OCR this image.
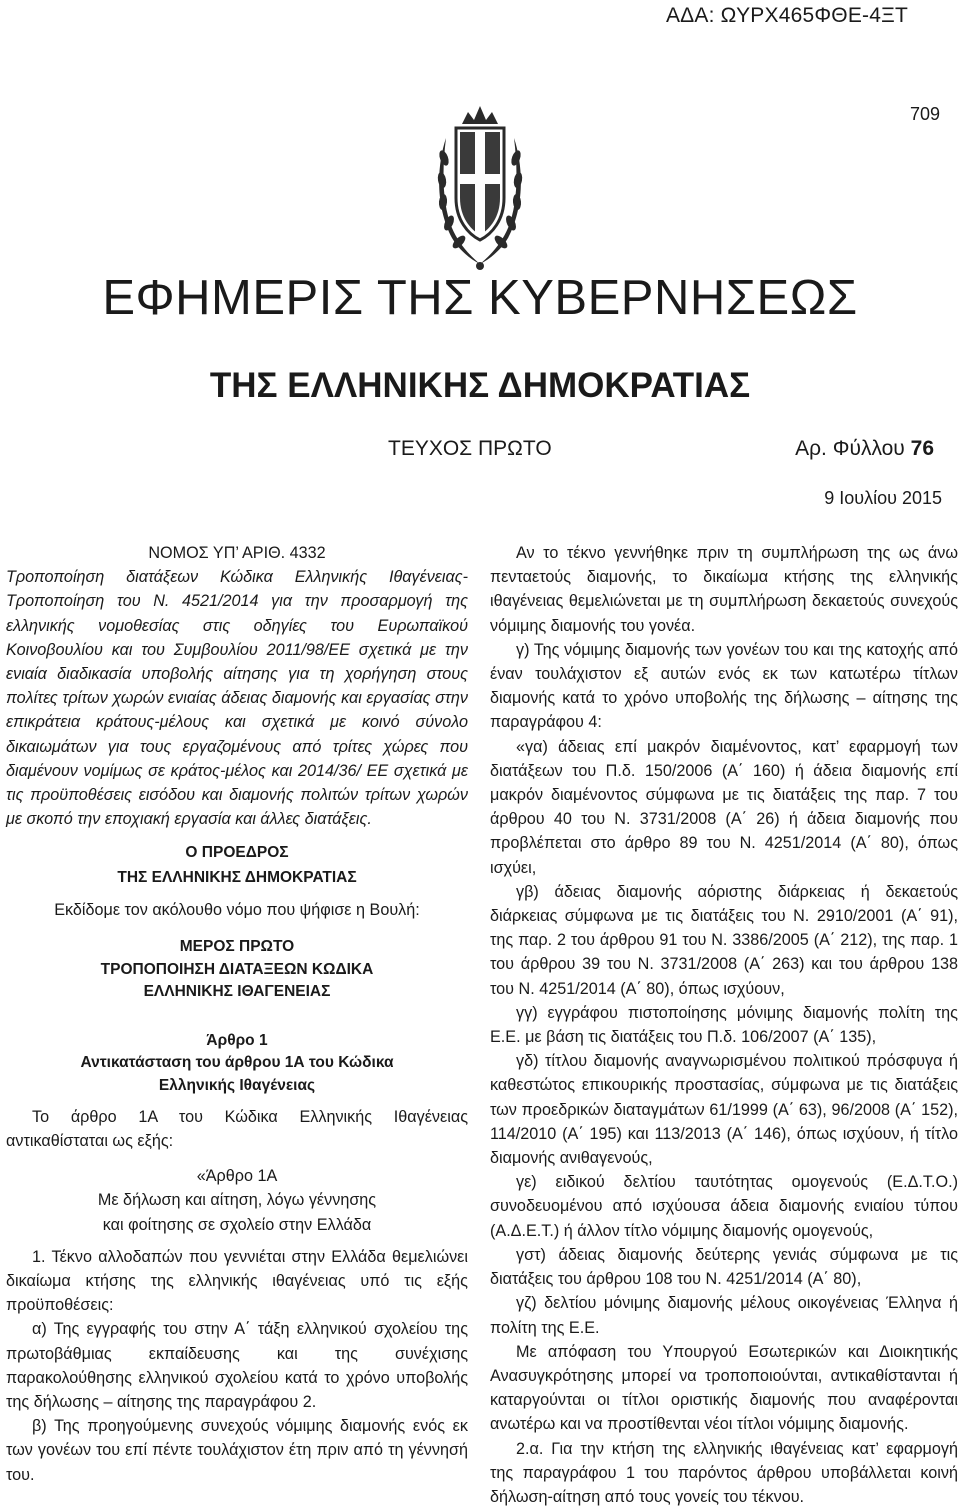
ΑΔΑ: ΩΥΡΧ465ΦΘΕ-4ΞΤ
709
ΕΦΗΜΕΡΙΣ ΤΗΣ ΚΥΒΕΡΝΗΣΕΩΣ
ΤΗΣ ΕΛΛΗΝΙΚΗΣ ΔΗΜΟΚΡΑΤΙΑΣ
ΤΕΥΧΟΣ ΠΡΩΤΟ	Αρ. Φύλλου 76
9 Ιουλίου 2015

ΝΟΜΟΣ ΥΠ’ ΑΡΙΘ. 4332

Τροποποίηση διατάξεων Κώδικα Ελληνικής Ιθαγένειας- Τροποποίηση του Ν. 4521/2014 για την προσαρμογή της ελληνικής νομοθεσίας στις οδηγίες του Ευρωπαϊκού Κοινοβουλίου και του Συμβουλίου 2011/98/ΕΕ σχετικά με την ενιαία διαδικασία υποβολής αίτησης για τη χορήγηση στους πολίτες τρίτων χωρών ενιαίας άδειας διαμονής και εργασίας στην επικράτεια κράτους-μέλους και σχετικά με κοινό σύνολο δικαιωμάτων για τους εργαζομένους από τρίτες χώρες που διαμένουν νομίμως σε κράτος-μέλος και 2014/36/ ΕΕ σχετικά με τις προϋποθέσεις εισόδου και διαμονής πολιτών τρίτων χωρών με σκοπό την εποχιακή εργασία και άλλες διατάξεις.

Ο ΠΡΟΕΔΡΟΣ

ΤΗΣ ΕΛΛΗΝΙΚΗΣ ΔΗΜΟΚΡΑΤΙΑΣ

Εκδίδομε τον ακόλουθο νόμο που ψήφισε η Βουλή:

ΜΕΡΟΣ ΠΡΩΤΟ

ΤΡΟΠΟΠΟΙΗΣΗ ΔΙΑΤΑΞΕΩΝ ΚΩΔΙΚΑ

ΕΛΛΗΝΙΚΗΣ ΙΘΑΓΕΝΕΙΑΣ

Άρθρο 1

Αντικατάσταση του άρθρου 1Α του Κώδικα

Ελληνικής Ιθαγένειας

Το άρθρο 1Α του Κώδικα Ελληνικής Ιθαγένειας αντικαθίσταται ως εξής:

«Άρθρο 1Α

Με δήλωση και αίτηση, λόγω γέννησης

και φοίτησης σε σχολείο στην Ελλάδα

1. Τέκνο αλλοδαπών που γεννιέται στην Ελλάδα θεμελιώνει δικαίωμα κτήσης της ελληνικής ιθαγένειας υπό τις εξής προϋποθέσεις:

α) Της εγγραφής του στην Α΄ τάξη ελληνικού σχολείου της πρωτοβάθμιας εκπαίδευσης και της συνέχισης παρακολούθησης ελληνικού σχολείου κατά το χρόνο υποβολής της δήλωσης – αίτησης της παραγράφου 2.

β) Της προηγούμενης συνεχούς νόμιμης διαμονής ενός εκ των γονέων του επί πέντε τουλάχιστον έτη πριν από τη γέννησή του.

Αν το τέκνο γεννήθηκε πριν τη συμπλήρωση της ως άνω πενταετούς διαμονής, το δικαίωμα κτήσης της ελληνικής ιθαγένειας θεμελιώνεται με τη συμπλήρωση δεκαετούς συνεχούς νόμιμης διαμονής του γονέα.

γ) Της νόμιμης διαμονής των γονέων του και της κατοχής από έναν τουλάχιστον εξ αυτών ενός εκ των κατωτέρω τίτλων διαμονής κατά το χρόνο υποβολής της δήλωσης – αίτησης της παραγράφου 4:

«γα) άδειας επί μακρόν διαμένοντος, κατ’ εφαρμογή των διατάξεων του Π.δ. 150/2006 (Α΄ 160) ή άδεια διαμονής επί μακρόν διαμένοντος σύμφωνα με τις διατάξεις της παρ. 7 του άρθρου 40 του Ν. 3731/2008 (Α΄ 26) ή άδεια διαμονής που προβλέπεται στο άρθρο 89 του Ν. 4251/2014 (Α΄ 80), όπως ισχύει,

γβ) άδειας διαμονής αόριστης διάρκειας ή δεκαετούς διάρκειας σύμφωνα με τις διατάξεις του Ν. 2910/2001 (Α΄ 91), της παρ. 2 του άρθρου 91 του Ν. 3386/2005 (Α΄ 212), της παρ. 1 του άρθρου 39 του Ν. 3731/2008 (Α΄ 263) και του άρθρου 138 του Ν. 4251/2014 (Α΄ 80), όπως ισχύουν,

γγ) εγγράφου πιστοποίησης μόνιμης διαμονής πολίτη της Ε.Ε. με βάση τις διατάξεις του Π.δ. 106/2007 (Α΄ 135),

γδ) τίτλου διαμονής αναγνωρισμένου πολιτικού πρόσφυγα ή καθεστώτος επικουρικής προστασίας, σύμφωνα με τις διατάξεις των προεδρικών διαταγμάτων 61/1999 (Α΄ 63), 96/2008 (Α΄ 152), 114/2010 (Α΄ 195) και 113/2013 (Α΄ 146), όπως ισχύουν, ή τίτλο διαμονής ανιθαγενούς,

γε) ειδικού δελτίου ταυτότητας ομογενούς (Ε.Δ.Τ.Ο.) συνοδευομένου από ισχύουσα άδεια διαμονής ενιαίου τύπου (Α.Δ.Ε.Τ.) ή άλλον τίτλο νόμιμης διαμονής ομογενούς,

γστ) άδειας διαμονής δεύτερης γενιάς σύμφωνα με τις διατάξεις του άρθρου 108 του Ν. 4251/2014 (Α΄ 80),

γζ) δελτίου μόνιμης διαμονής μέλους οικογένειας Έλληνα ή πολίτη της Ε.Ε.

Με απόφαση του Υπουργού Εσωτερικών και Διοικητικής Ανασυγκρότησης μπορεί να τροποποιούνται, αντικαθίστανται ή καταργούνται οι τίτλοι οριστικής διαμονής που αναφέρονται ανωτέρω και να προστίθενται νέοι τίτλοι νόμιμης διαμονής.

2.α. Για την κτήση της ελληνικής ιθαγένειας κατ’ εφαρμογή της παραγράφου 1 του παρόντος άρθρου υποβάλλεται κοινή δήλωση-αίτηση από τους γονείς του τέκνου.
